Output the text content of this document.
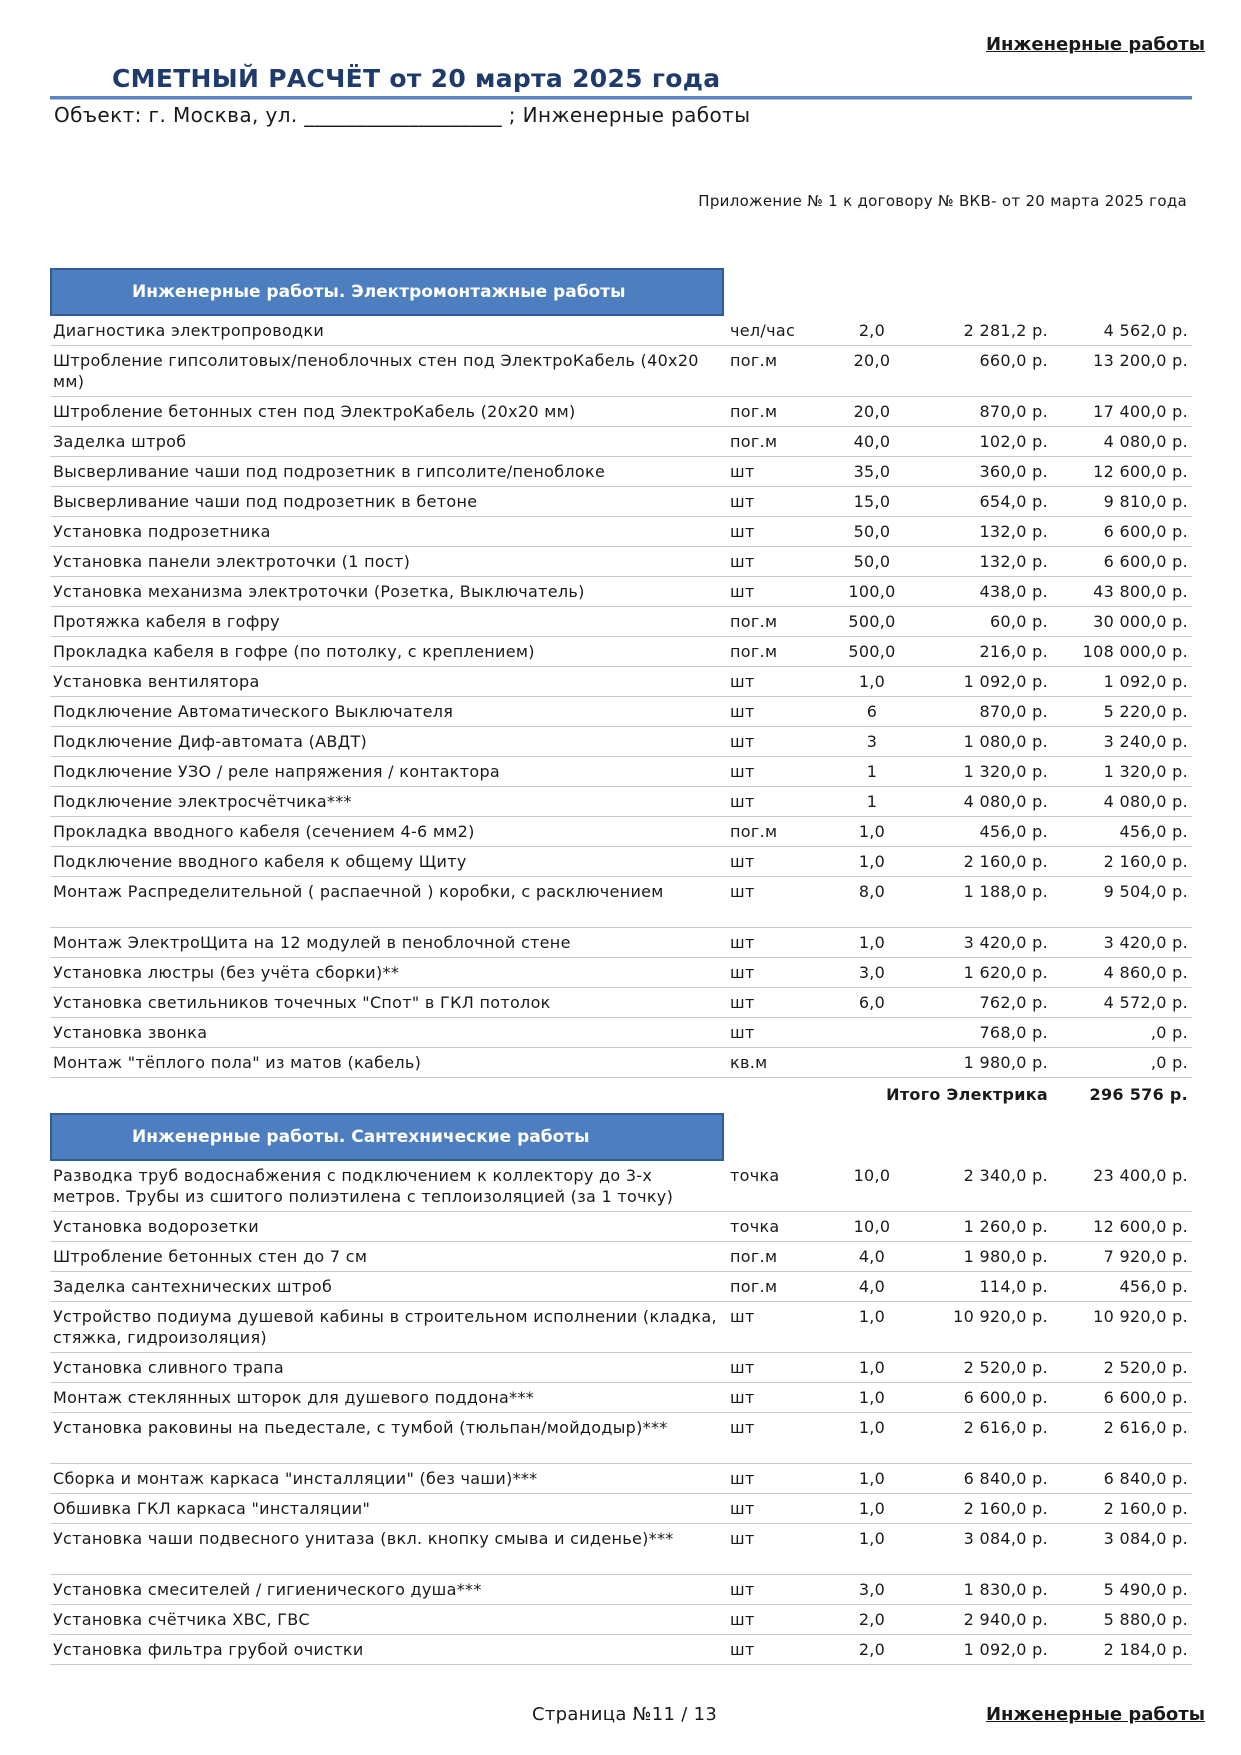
Инженерные работы
СМЕТНЫЙ РАСЧЁТ от 20 марта 2025 года
Объект: г. Москва, ул. ___________________ ; Инженерные работы
Приложение № 1 к договору № ВКВ- от 20 марта 2025 года
Инженерные работы. Электромонтажные работы
Диагностика электропроводки	чел/час	2,0	2 281,2 р.	4 562,0 р.
Штробление гипсолитовых/пеноблочных стен под ЭлектроКабель (40x20 мм)	пог.м	20,0	660,0 р.	13 200,0 р.
Штробление бетонных стен под ЭлектроКабель (20x20 мм)	пог.м	20,0	870,0 р.	17 400,0 р.
Заделка штроб	пог.м	40,0	102,0 р.	4 080,0 р.
Высверливание чаши под подрозетник в гипсолите/пеноблоке	шт	35,0	360,0 р.	12 600,0 р.
Высверливание чаши под подрозетник в бетоне	шт	15,0	654,0 р.	9 810,0 р.
Установка подрозетника	шт	50,0	132,0 р.	6 600,0 р.
Установка панели электроточки (1 пост)	шт	50,0	132,0 р.	6 600,0 р.
Установка механизма электроточки (Розетка, Выключатель)	шт	100,0	438,0 р.	43 800,0 р.
Протяжка кабеля в гофру	пог.м	500,0	60,0 р.	30 000,0 р.
Прокладка кабеля в гофре (по потолку, с креплением)	пог.м	500,0	216,0 р.	108 000,0 р.
Установка вентилятора	шт	1,0	1 092,0 р.	1 092,0 р.
Подключение Автоматического Выключателя	шт	6	870,0 р.	5 220,0 р.
Подключение Диф-автомата (АВДТ)	шт	3	1 080,0 р.	3 240,0 р.
Подключение УЗО / реле напряжения / контактора	шт	1	1 320,0 р.	1 320,0 р.
Подключение электросчётчика***	шт	1	4 080,0 р.	4 080,0 р.
Прокладка вводного кабеля (сечением 4-6 мм2)	пог.м	1,0	456,0 р.	456,0 р.
Подключение вводного кабеля к общему Щиту	шт	1,0	2 160,0 р.	2 160,0 р.
Монтаж Распределительной ( распаечной ) коробки, с расключением	шт	8,0	1 188,0 р.	9 504,0 р.
Монтаж ЭлектроЩита на 12 модулей в пеноблочной стене	шт	1,0	3 420,0 р.	3 420,0 р.
Установка люстры (без учёта сборки)**	шт	3,0	1 620,0 р.	4 860,0 р.
Установка светильников точечных "Спот" в ГКЛ потолок	шт	6,0	762,0 р.	4 572,0 р.
Установка звонка	шт		768,0 р.	,0 р.
Монтаж "тёплого пола" из матов (кабель)	кв.м		1 980,0 р.	,0 р.
		Итого Электрика		296 576 р.
Инженерные работы. Сантехнические работы
Разводка труб водоснабжения с подключением к коллектору до 3-х метров. Трубы из сшитого полиэтилена с теплоизоляцией (за 1 точку)	точка	10,0	2 340,0 р.	23 400,0 р.
Установка водорозетки	точка	10,0	1 260,0 р.	12 600,0 р.
Штробление бетонных стен до 7 см	пог.м	4,0	1 980,0 р.	7 920,0 р.
Заделка сантехнических штроб	пог.м	4,0	114,0 р.	456,0 р.
Устройство подиума душевой кабины в строительном исполнении (кладка, стяжка, гидроизоляция)	шт	1,0	10 920,0 р.	10 920,0 р.
Установка сливного трапа	шт	1,0	2 520,0 р.	2 520,0 р.
Монтаж стеклянных шторок для душевого поддона***	шт	1,0	6 600,0 р.	6 600,0 р.
Установка раковины на пьедестале, с тумбой (тюльпан/мойдодыр)***	шт	1,0	2 616,0 р.	2 616,0 р.
Сборка и монтаж каркаса "инсталляции" (без чаши)***	шт	1,0	6 840,0 р.	6 840,0 р.
Обшивка ГКЛ каркаса "инсталяции"	шт	1,0	2 160,0 р.	2 160,0 р.
Установка чаши подвесного унитаза (вкл. кнопку смыва и сиденье)***	шт	1,0	3 084,0 р.	3 084,0 р.
Установка смесителей / гигиенического душа***	шт	3,0	1 830,0 р.	5 490,0 р.
Установка счётчика ХВС, ГВС	шт	2,0	2 940,0 р.	5 880,0 р.
Установка фильтра грубой очистки	шт	2,0	1 092,0 р.	2 184,0 р.
Страница №11 / 13	Инженерные работы
